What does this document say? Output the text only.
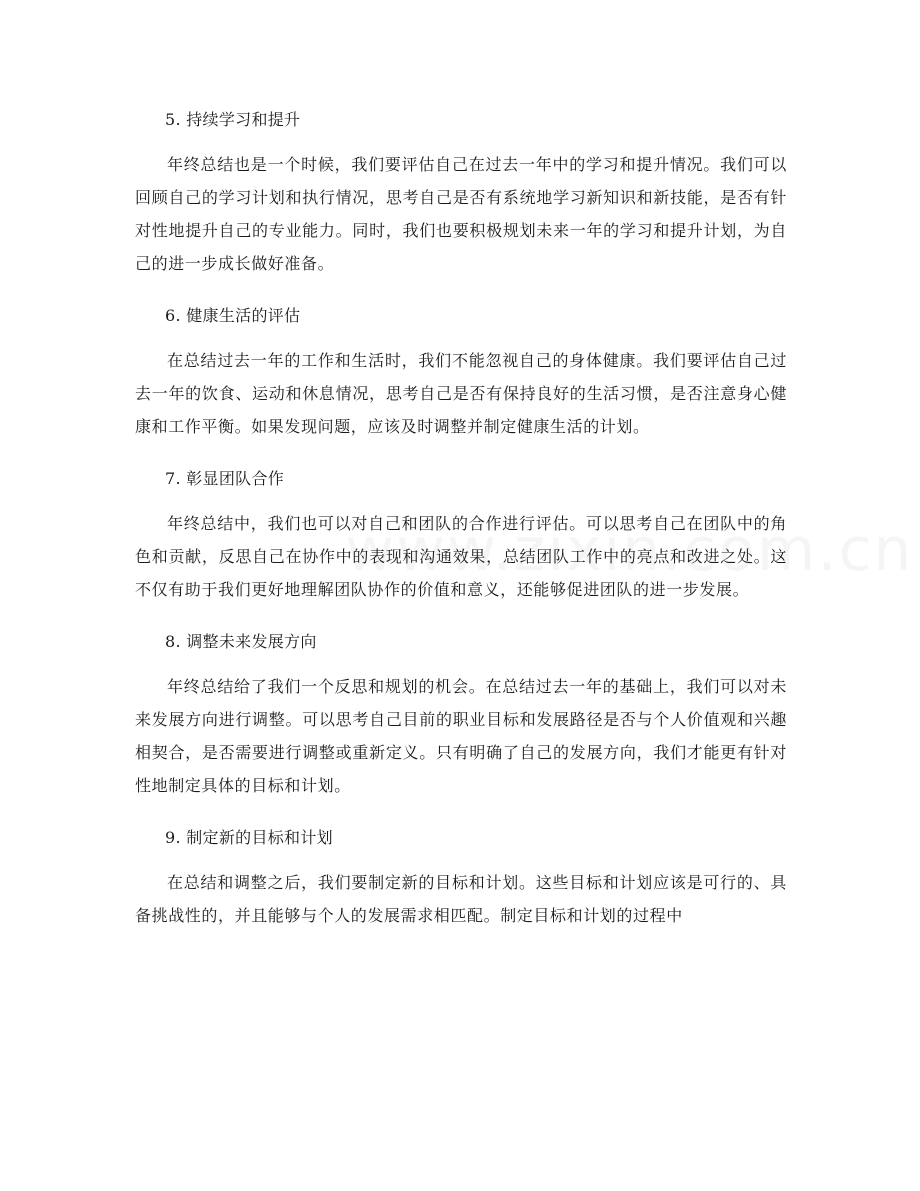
5. 持续学习和提升

年终总结也是一个时候，我们要评估自己在过去一年中的学习和提升情况。我们可以回顾自己的学习计划和执行情况，思考自己是否有系统地学习新知识和新技能，是否有针对性地提升自己的专业能力。同时，我们也要积极规划未来一年的学习和提升计划，为自己的进一步成长做好准备。

6. 健康生活的评估

在总结过去一年的工作和生活时，我们不能忽视自己的身体健康。我们要评估自己过去一年的饮食、运动和休息情况，思考自己是否有保持良好的生活习惯，是否注意身心健康和工作平衡。如果发现问题，应该及时调整并制定健康生活的计划。

7. 彰显团队合作

年终总结中，我们也可以对自己和团队的合作进行评估。可以思考自己在团队中的角色和贡献，反思自己在协作中的表现和沟通效果，总结团队工作中的亮点和改进之处。这不仅有助于我们更好地理解团队协作的价值和意义，还能够促进团队的进一步发展。

8. 调整未来发展方向

年终总结给了我们一个反思和规划的机会。在总结过去一年的基础上，我们可以对未来发展方向进行调整。可以思考自己目前的职业目标和发展路径是否与个人价值观和兴趣相契合，是否需要进行调整或重新定义。只有明确了自己的发展方向，我们才能更有针对性地制定具体的目标和计划。

9. 制定新的目标和计划

在总结和调整之后，我们要制定新的目标和计划。这些目标和计划应该是可行的、具备挑战性的，并且能够与个人的发展需求相匹配。制定目标和计划的过程中
